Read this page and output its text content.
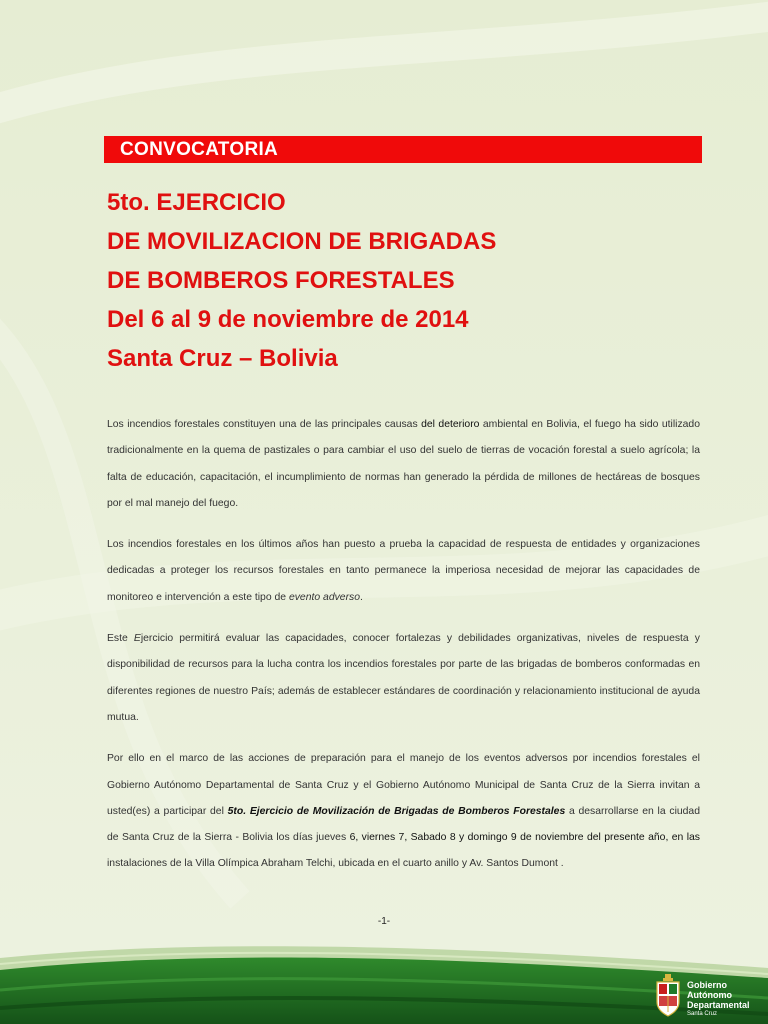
CONVOCATORIA
5to. EJERCICIO
DE MOVILIZACION DE BRIGADAS
DE BOMBEROS FORESTALES
Del 6 al 9 de noviembre de 2014
Santa Cruz – Bolivia

Los incendios forestales constituyen una de las principales causas del deterioro ambiental en Bolivia, el fuego ha sido utilizado tradicionalmente en la quema de pastizales o para cambiar el uso del suelo de tierras de vocación forestal a suelo agrícola; la falta de educación, capacitación, el incumplimiento de normas han generado la pérdida de millones de hectáreas de bosques por el mal manejo del fuego.

Los incendios forestales en los últimos años han puesto a prueba la capacidad de respuesta de entidades y organizaciones dedicadas a proteger los recursos forestales en tanto permanece la imperiosa necesidad de mejorar las capacidades de monitoreo e intervención a este tipo de evento adverso.

Este Ejercicio permitirá evaluar las capacidades, conocer fortalezas y debilidades organizativas, niveles de respuesta y disponibilidad de recursos para la lucha contra los incendios forestales por parte de las brigadas de bomberos conformadas en diferentes regiones de nuestro País; además de establecer estándares de coordinación y relacionamiento institucional de ayuda mutua.

Por ello en el marco de las acciones de preparación para el manejo de los eventos adversos por incendios forestales el Gobierno Autónomo Departamental de Santa Cruz y el Gobierno Autónomo Municipal de Santa Cruz de la Sierra invitan a usted(es) a participar del 5to. Ejercicio de Movilización de Brigadas de Bomberos Forestales a desarrollarse en la ciudad de Santa Cruz de la Sierra - Bolivia los días jueves 6, viernes 7, Sabado 8 y domingo 9 de noviembre del presente año, en las instalaciones de la Villa Olímpica Abraham Telchi, ubicada en el cuarto anillo y Av. Santos Dumont .

-1-
Gobierno
Autónomo
Departamental
Santa Cruz
